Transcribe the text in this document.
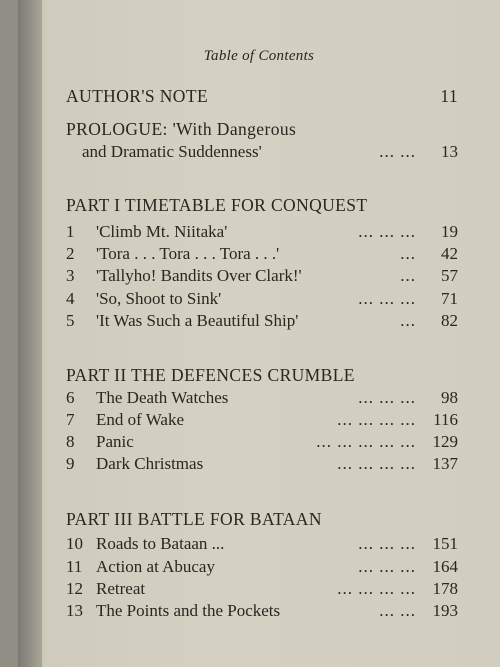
Table of Contents
AUTHOR'S NOTE	11
PROLOGUE: 'With Dangerous
and Dramatic Suddenness'	... ... 13
PART I TIMETABLE FOR CONQUEST
1	'Climb Mt. Niitaka'	... ... ... 19
2	'Tora . . . Tora . . . Tora . . .'	... 42
3	'Tallyho! Bandits Over Clark!'	... 57
4	'So, Shoot to Sink'	... ... ... 71
5	'It Was Such a Beautiful Ship'	... 82
PART II THE DEFENCES CRUMBLE
6	The Death Watches	... ... ... 98
7	End of Wake	... ... ... ... 116
8	Panic	... ... ... ... ... 129
9	Dark Christmas	... ... ... ... 137
PART III BATTLE FOR BATAAN
10 Roads to Bataan ...	... ... ... 151
11 Action at Abucay	... ... ... 164
12 Retreat	... ... ... ... 178
13 The Points and the Pockets	... ... 193
